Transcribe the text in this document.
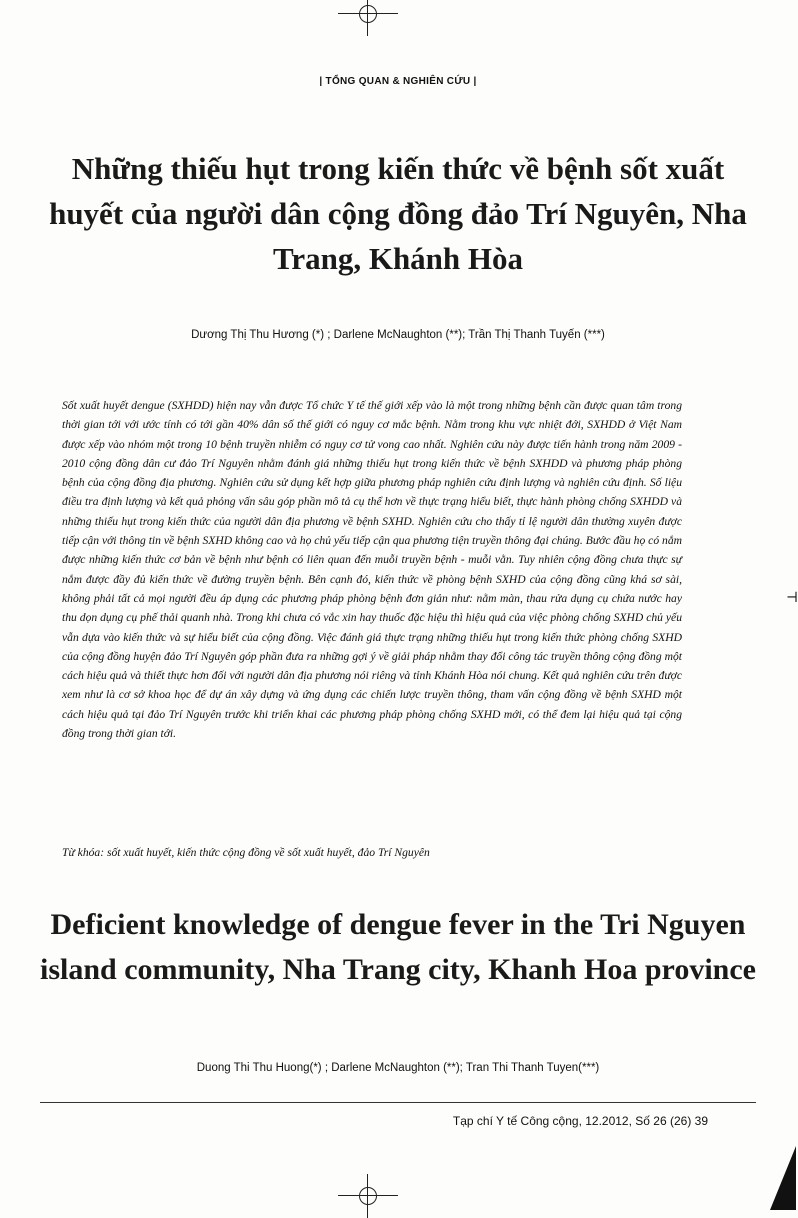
⊣
| TỔNG QUAN & NGHIÊN CỨU |
Những thiếu hụt trong kiến thức về bệnh sốt xuất huyết của người dân cộng đồng đảo Trí Nguyên, Nha Trang, Khánh Hòa
Dương Thị Thu Hương (*) ; Darlene McNaughton (**); Trần Thị Thanh Tuyến (***)

Sốt xuất huyết dengue (SXHDD) hiện nay vẫn được Tổ chức Y tế thế giới xếp vào là một trong những bệnh cần được quan tâm trong thời gian tới với ước tính có tới gần 40% dân số thế giới có nguy cơ mắc bệnh. Nằm trong khu vực nhiệt đới, SXHDD ở Việt Nam được xếp vào nhóm một trong 10 bệnh truyền nhiễm có nguy cơ tử vong cao nhất. Nghiên cứu này được tiến hành trong năm 2009 - 2010 cộng đồng dân cư đảo Trí Nguyên nhằm đánh giá những thiếu hụt trong kiến thức về bệnh SXHDD và phương pháp phòng bệnh của cộng đồng địa phương. Nghiên cứu sử dụng kết hợp giữa phương pháp nghiên cứu định lượng và nghiên cứu định. Số liệu điều tra định lượng và kết quả phỏng vấn sâu góp phần mô tả cụ thể hơn về thực trạng hiểu biết, thực hành phòng chống SXHDD và những thiếu hụt trong kiến thức của người dân địa phương về bệnh SXHD. Nghiên cứu cho thấy tỉ lệ người dân thường xuyên được tiếp cận với thông tin về bệnh SXHD không cao và họ chủ yếu tiếp cận qua phương tiện truyền thông đại chúng. Bước đầu họ có nắm được những kiến thức cơ bản về bệnh như bệnh có liên quan đến muỗi truyền bệnh - muỗi vằn. Tuy nhiên cộng đồng chưa thực sự nắm được đầy đủ kiến thức về đường truyền bệnh. Bên cạnh đó, kiến thức về phòng bệnh SXHD của cộng đồng cũng khá sơ sài, không phải tất cả mọi người đều áp dụng các phương pháp phòng bệnh đơn giản như: nằm màn, thau rửa dụng cụ chứa nước hay thu dọn dụng cụ phế thải quanh nhà. Trong khi chưa có vắc xin hay thuốc đặc hiệu thì hiệu quả của việc phòng chống SXHD chủ yếu vẫn dựa vào kiến thức và sự hiểu biết của cộng đồng. Việc đánh giá thực trạng những thiếu hụt trong kiến thức phòng chống SXHD của cộng đồng huyện đảo Trí Nguyên góp phần đưa ra những gợi ý về giải pháp nhằm thay đổi công tác truyền thông cộng đồng một cách hiệu quả và thiết thực hơn đối với người dân địa phương nói riêng và tỉnh Khánh Hòa nói chung. Kết quả nghiên cứu trên được xem như là cơ sở khoa học để dự án xây dựng và ứng dụng các chiến lược truyền thông, tham vấn cộng đồng về bệnh SXHD một cách hiệu quả tại đảo Trí Nguyên trước khi triển khai các phương pháp phòng chống SXHD mới, có thể đem lại hiệu quả tại cộng đồng trong thời gian tới.

Từ khóa: sốt xuất huyết, kiến thức cộng đồng về sốt xuất huyết, đảo Trí Nguyên

Deficient knowledge of dengue fever in the Tri Nguyen island community, Nha Trang city, Khanh Hoa province
Duong Thi Thu Huong(*) ; Darlene McNaughton (**); Tran Thi Thanh Tuyen(***)
Tạp chí Y tế Công cộng, 12.2012, Số 26 (26) 39
